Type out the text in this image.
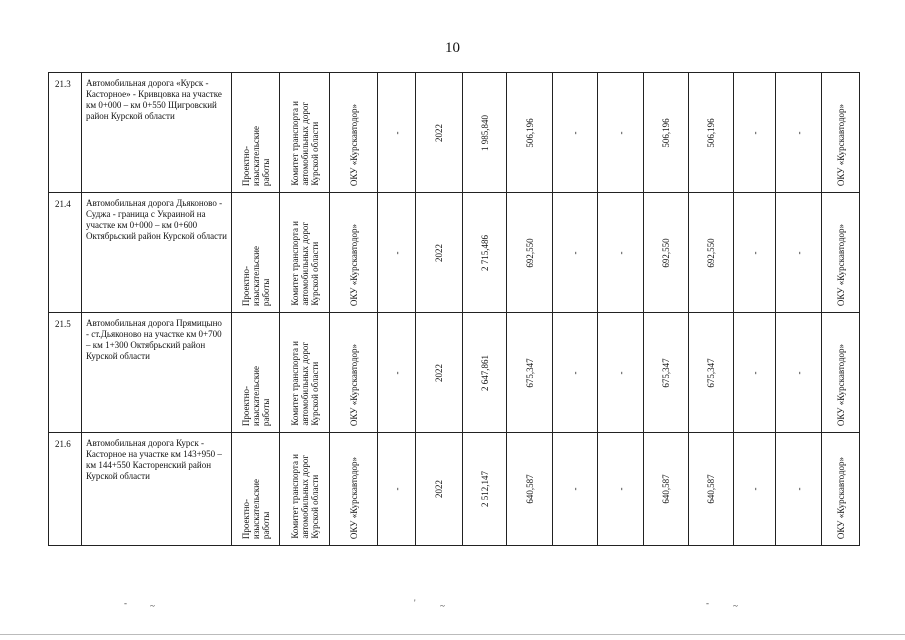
10
21.3	Автомобильная дорога «Курск - Касторное» - Кривцовка на участке км 0+000 – км 0+550 Щигровский район Курской области	Проектно-
изыскательские
работы	Комитет транспорта и
автомобильных дорог
Курской области	ОКУ «Курскавтодор»	-	2022	1 985,840	506,196	-	-	506,196	506,196	-	-	ОКУ «Курскавтодор»

21.4	Автомобильная дорога Дьяконово - Суджа - граница с Украиной на участке км 0+000 – км 0+600 Октябрьский район Курской области	Проектно-
изыскательские
работы	Комитет транспорта и
автомобильных дорог
Курской области	ОКУ «Курскавтодор»	-	2022	2 715,486	692,550	-	-	692,550	692,550	-	-	ОКУ «Курскавтодор»

21.5	Автомобильная дорога Прямицыно - ст.Дьяконово на участке км 0+700 – км 1+300 Октябрьский район Курской области	Проектно-
изыскательские
работы	Комитет транспорта и
автомобильных дорог
Курской области	ОКУ «Курскавтодор»	-	2022	2 647,861	675,347	-	-	675,347	675,347	-	-	ОКУ «Курскавтодор»

21.6	Автомобильная дорога Курск - Касторное на участке км 143+950 – км 144+550 Касторенский район Курской области	Проектно-
изыскательские
работы	Комитет транспорта и
автомобильных дорог
Курской области	ОКУ «Курскавтодор»	-	2022	2 512,147	640,587	-	-	640,587	640,587	-	-	ОКУ «Курскавтодор»
-	~	'	~	-	~
